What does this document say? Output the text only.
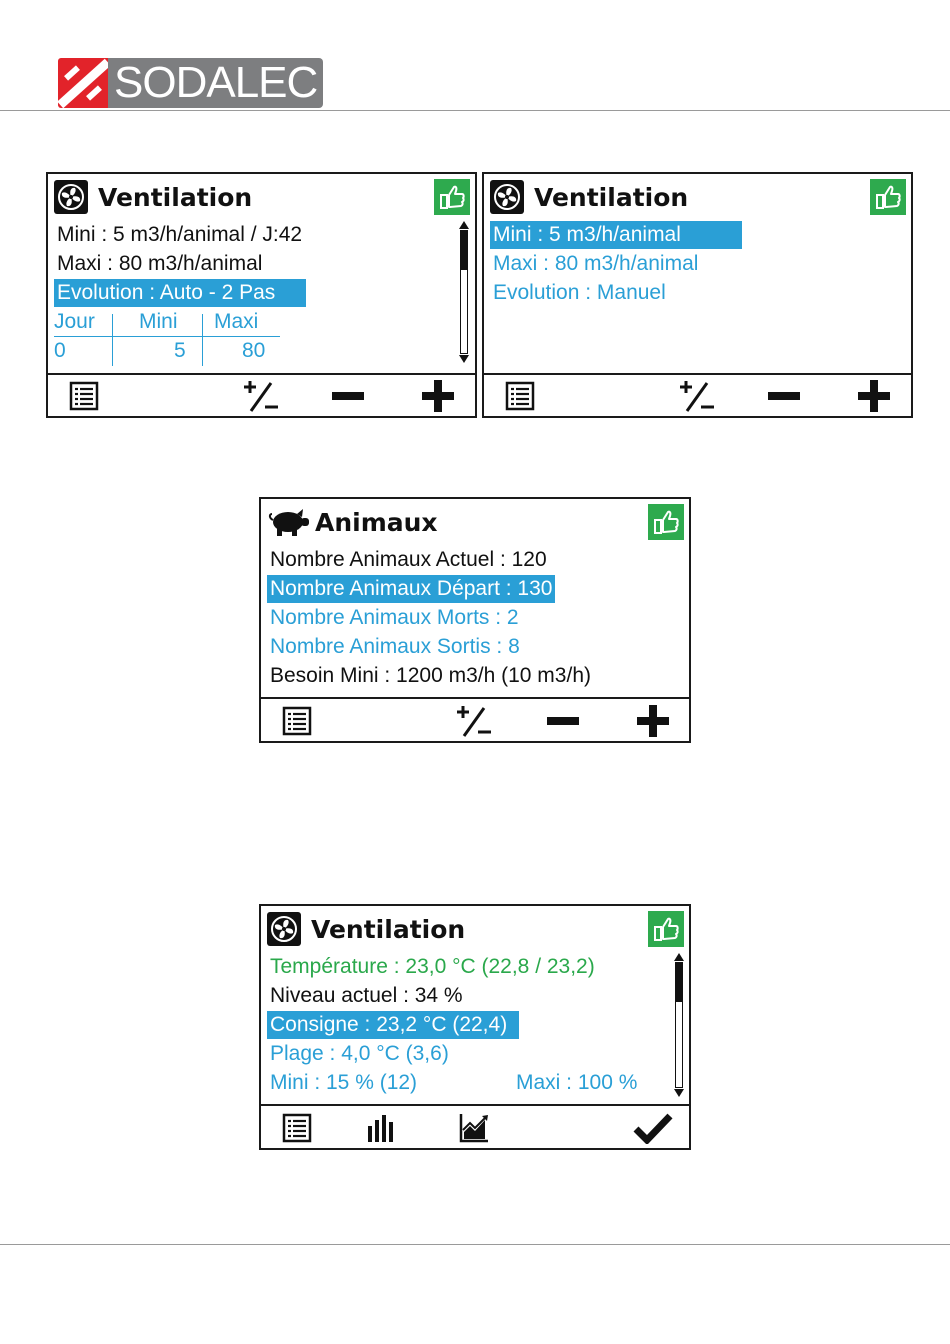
SODALEC
Ventilation
Mini : 5 m3/h/animal / J:42
Maxi : 80 m3/h/animal
Evolution : Auto - 2 Pas
Jour Mini Maxi
0	5	80
Ventilation
Mini : 5 m3/h/animal
Maxi : 80 m3/h/animal
Evolution : Manuel
Animaux
Nombre Animaux Actuel : 120
Nombre Animaux Départ : 130
Nombre Animaux Morts : 2
Nombre Animaux Sortis : 8
Besoin Mini : 1200 m3/h (10 m3/h)
Ventilation
Température : 23,0 °C (22,8 / 23,2)
Niveau actuel : 34 %
Consigne : 23,2 °C (22,4)
Plage : 4,0 °C (3,6)
Mini : 15 % (12)	Maxi : 100 %
